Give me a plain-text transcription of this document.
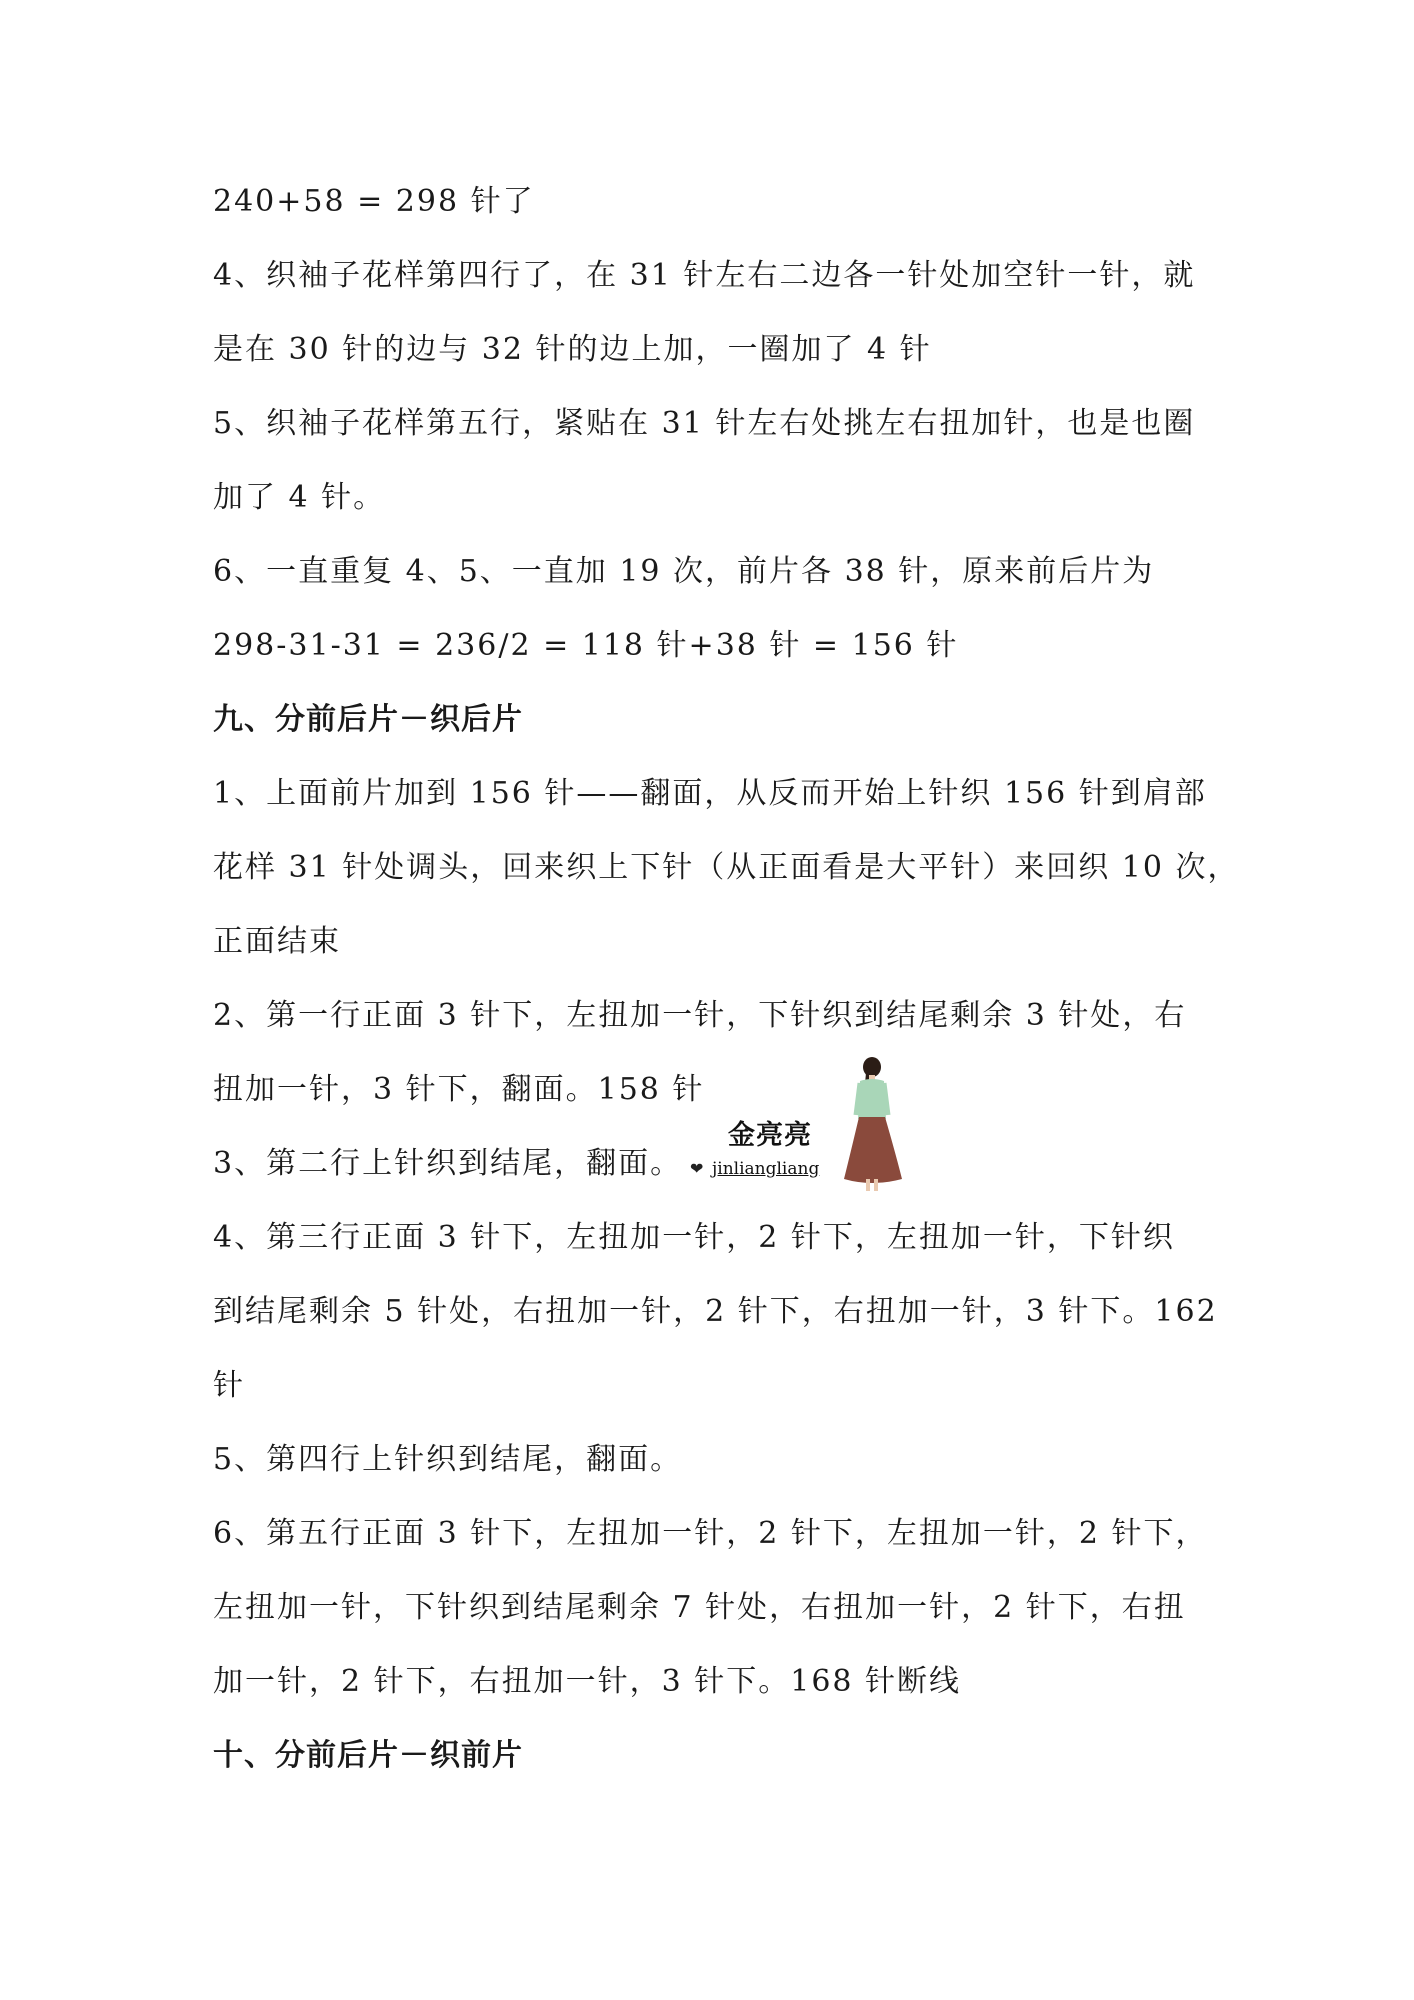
240+58 = 298 针了
4、织袖子花样第四行了，在 31 针左右二边各一针处加空针一针，就
是在 30 针的边与 32 针的边上加，一圈加了 4 针
5、织袖子花样第五行，紧贴在 31 针左右处挑左右扭加针，也是也圈
加了 4 针。
6、一直重复 4、5、一直加 19 次，前片各 38 针，原来前后片为
298-31-31 = 236/2 = 118 针+38 针 = 156 针
九、分前后片－织后片
1、上面前片加到 156 针——翻面，从反而开始上针织 156 针到肩部
花样 31 针处调头，回来织上下针（从正面看是大平针）来回织 10 次，
正面结束
2、第一行正面 3 针下，左扭加一针，下针织到结尾剩余 3 针处，右
扭加一针，3 针下，翻面。158 针
3、第二行上针织到结尾，翻面。
4、第三行正面 3 针下，左扭加一针，2 针下，左扭加一针，下针织
到结尾剩余 5 针处，右扭加一针，2 针下，右扭加一针，3 针下。162
针
5、第四行上针织到结尾，翻面。
6、第五行正面 3 针下，左扭加一针，2 针下，左扭加一针，2 针下，
左扭加一针，下针织到结尾剩余 7 针处，右扭加一针，2 针下，右扭
加一针，2 针下，右扭加一针，3 针下。168 针断线
十、分前后片－织前片
金亮亮
❤ jinliangliang
